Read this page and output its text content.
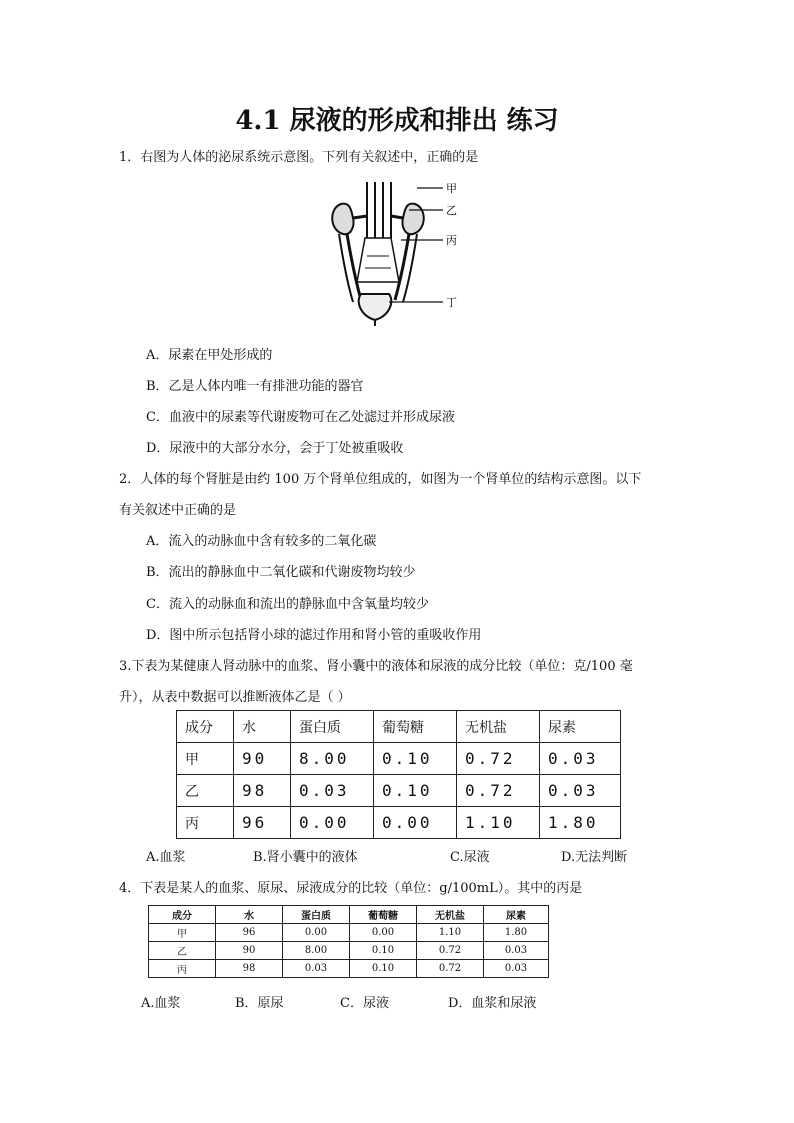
4.1 尿液的形成和排出 练习
1．右图为人体的泌尿系统示意图。下列有关叙述中，正确的是
甲
乙
丙
丁
A．尿素在甲处形成的
B．乙是人体内唯一有排泄功能的器官
C．血液中的尿素等代谢废物可在乙处滤过并形成尿液
D．尿液中的大部分水分，会于丁处被重吸收
2．人体的每个肾脏是由约 100 万个肾单位组成的，如图为一个肾单位的结构示意图。以下
有关叙述中正确的是
A．流入的动脉血中含有较多的二氧化碳
B．流出的静脉血中二氧化碳和代谢废物均较少
C．流入的动脉血和流出的静脉血中含氧量均较少
D．图中所示包括肾小球的滤过作用和肾小管的重吸收作用
3.下表为某健康人肾动脉中的血浆、肾小囊中的液体和尿液的成分比较（单位：克/100 毫
升），从表中数据可以推断液体乙是（ ）
成分	水	蛋白质	葡萄糖	无机盐	尿素
甲	90	8.00	0.10	0.72	0.03
乙	98	0.03	0.10	0.72	0.03
丙	96	0.00	0.00	1.10	1.80
A.血浆	B.肾小囊中的液体	C.尿液	D.无法判断
4．下表是某人的血浆、原尿、尿液成分的比较（单位：g/100mL）。其中的丙是
成分	水	蛋白质	葡萄糖	无机盐	尿素
甲	96	0.00	0.00	1.10	1.80
乙	90	8.00	0.10	0.72	0.03
丙	98	0.03	0.10	0.72	0.03
A.血浆	B．原尿	C．尿液	D．血浆和尿液
